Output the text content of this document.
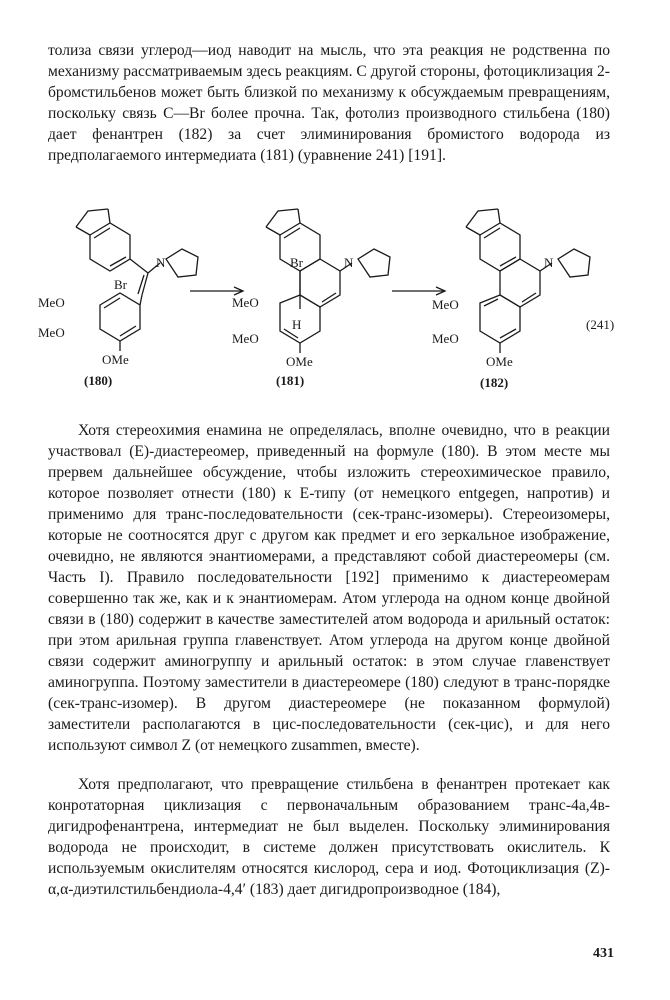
толиза связи углерод—иод наводит на мысль, что эта реакция не родственна по механизму рассматриваемым здесь реакциям. С другой стороны, фотоциклизация 2-бромстильбенов может быть близкой по механизму к обсуждаемым превращениям, поскольку связь C—Br более прочна. Так, фотолиз производного стильбена (180) дает фенантрен (182) за счет элиминирования бромистого водорода из предполагаемого интермедиата (181) (уравнение 241) [191].

Br
MeO
MeO
OMe
N
(180)
Br
MeO
MeO
OMe
H
N
(181)
MeO
MeO
OMe
N
(182)
(241)

Хотя стереохимия енамина не определялась, вполне очевидно, что в реакции участвовал (E)-диастереомер, приведенный на формуле (180). В этом месте мы прервем дальнейшее обсуждение, чтобы изложить стереохимическое правило, которое позволяет отнести (180) к E-типу (от немецкого entgegen, напротив) и применимо для транс-последовательности (сек-транс-изомеры). Стереоизомеры, которые не соотносятся друг с другом как предмет и его зеркальное изображение, очевидно, не являются энантиомерами, а представляют собой диастереомеры (см. Часть I). Правило последовательности [192] применимо к диастереомерам совершенно так же, как и к энантиомерам. Атом углерода на одном конце двойной связи в (180) содержит в качестве заместителей атом водорода и арильный остаток: при этом арильная группа главенствует. Атом углерода на другом конце двойной связи содержит аминогруппу и арильный остаток: в этом случае главенствует аминогруппа. Поэтому заместители в диастереомере (180) следуют в транс-порядке (сек-транс-изомер). В другом диастереомере (не показанном формулой) заместители располагаются в цис-последовательности (сек-цис), и для него используют символ Z (от немецкого zusammen, вместе).

Хотя предполагают, что превращение стильбена в фенантрен протекает как конротаторная циклизация с первоначальным образованием транс-4а,4в-дигидрофенантрена, интермедиат не был выделен. Поскольку элиминирования водорода не происходит, в системе должен присутствовать окислитель. К используемым окислителям относятся кислород, сера и иод. Фотоциклизация (Z)-α,α-диэтилстильбендиола-4,4′ (183) дает дигидропроизводное (184),

431
